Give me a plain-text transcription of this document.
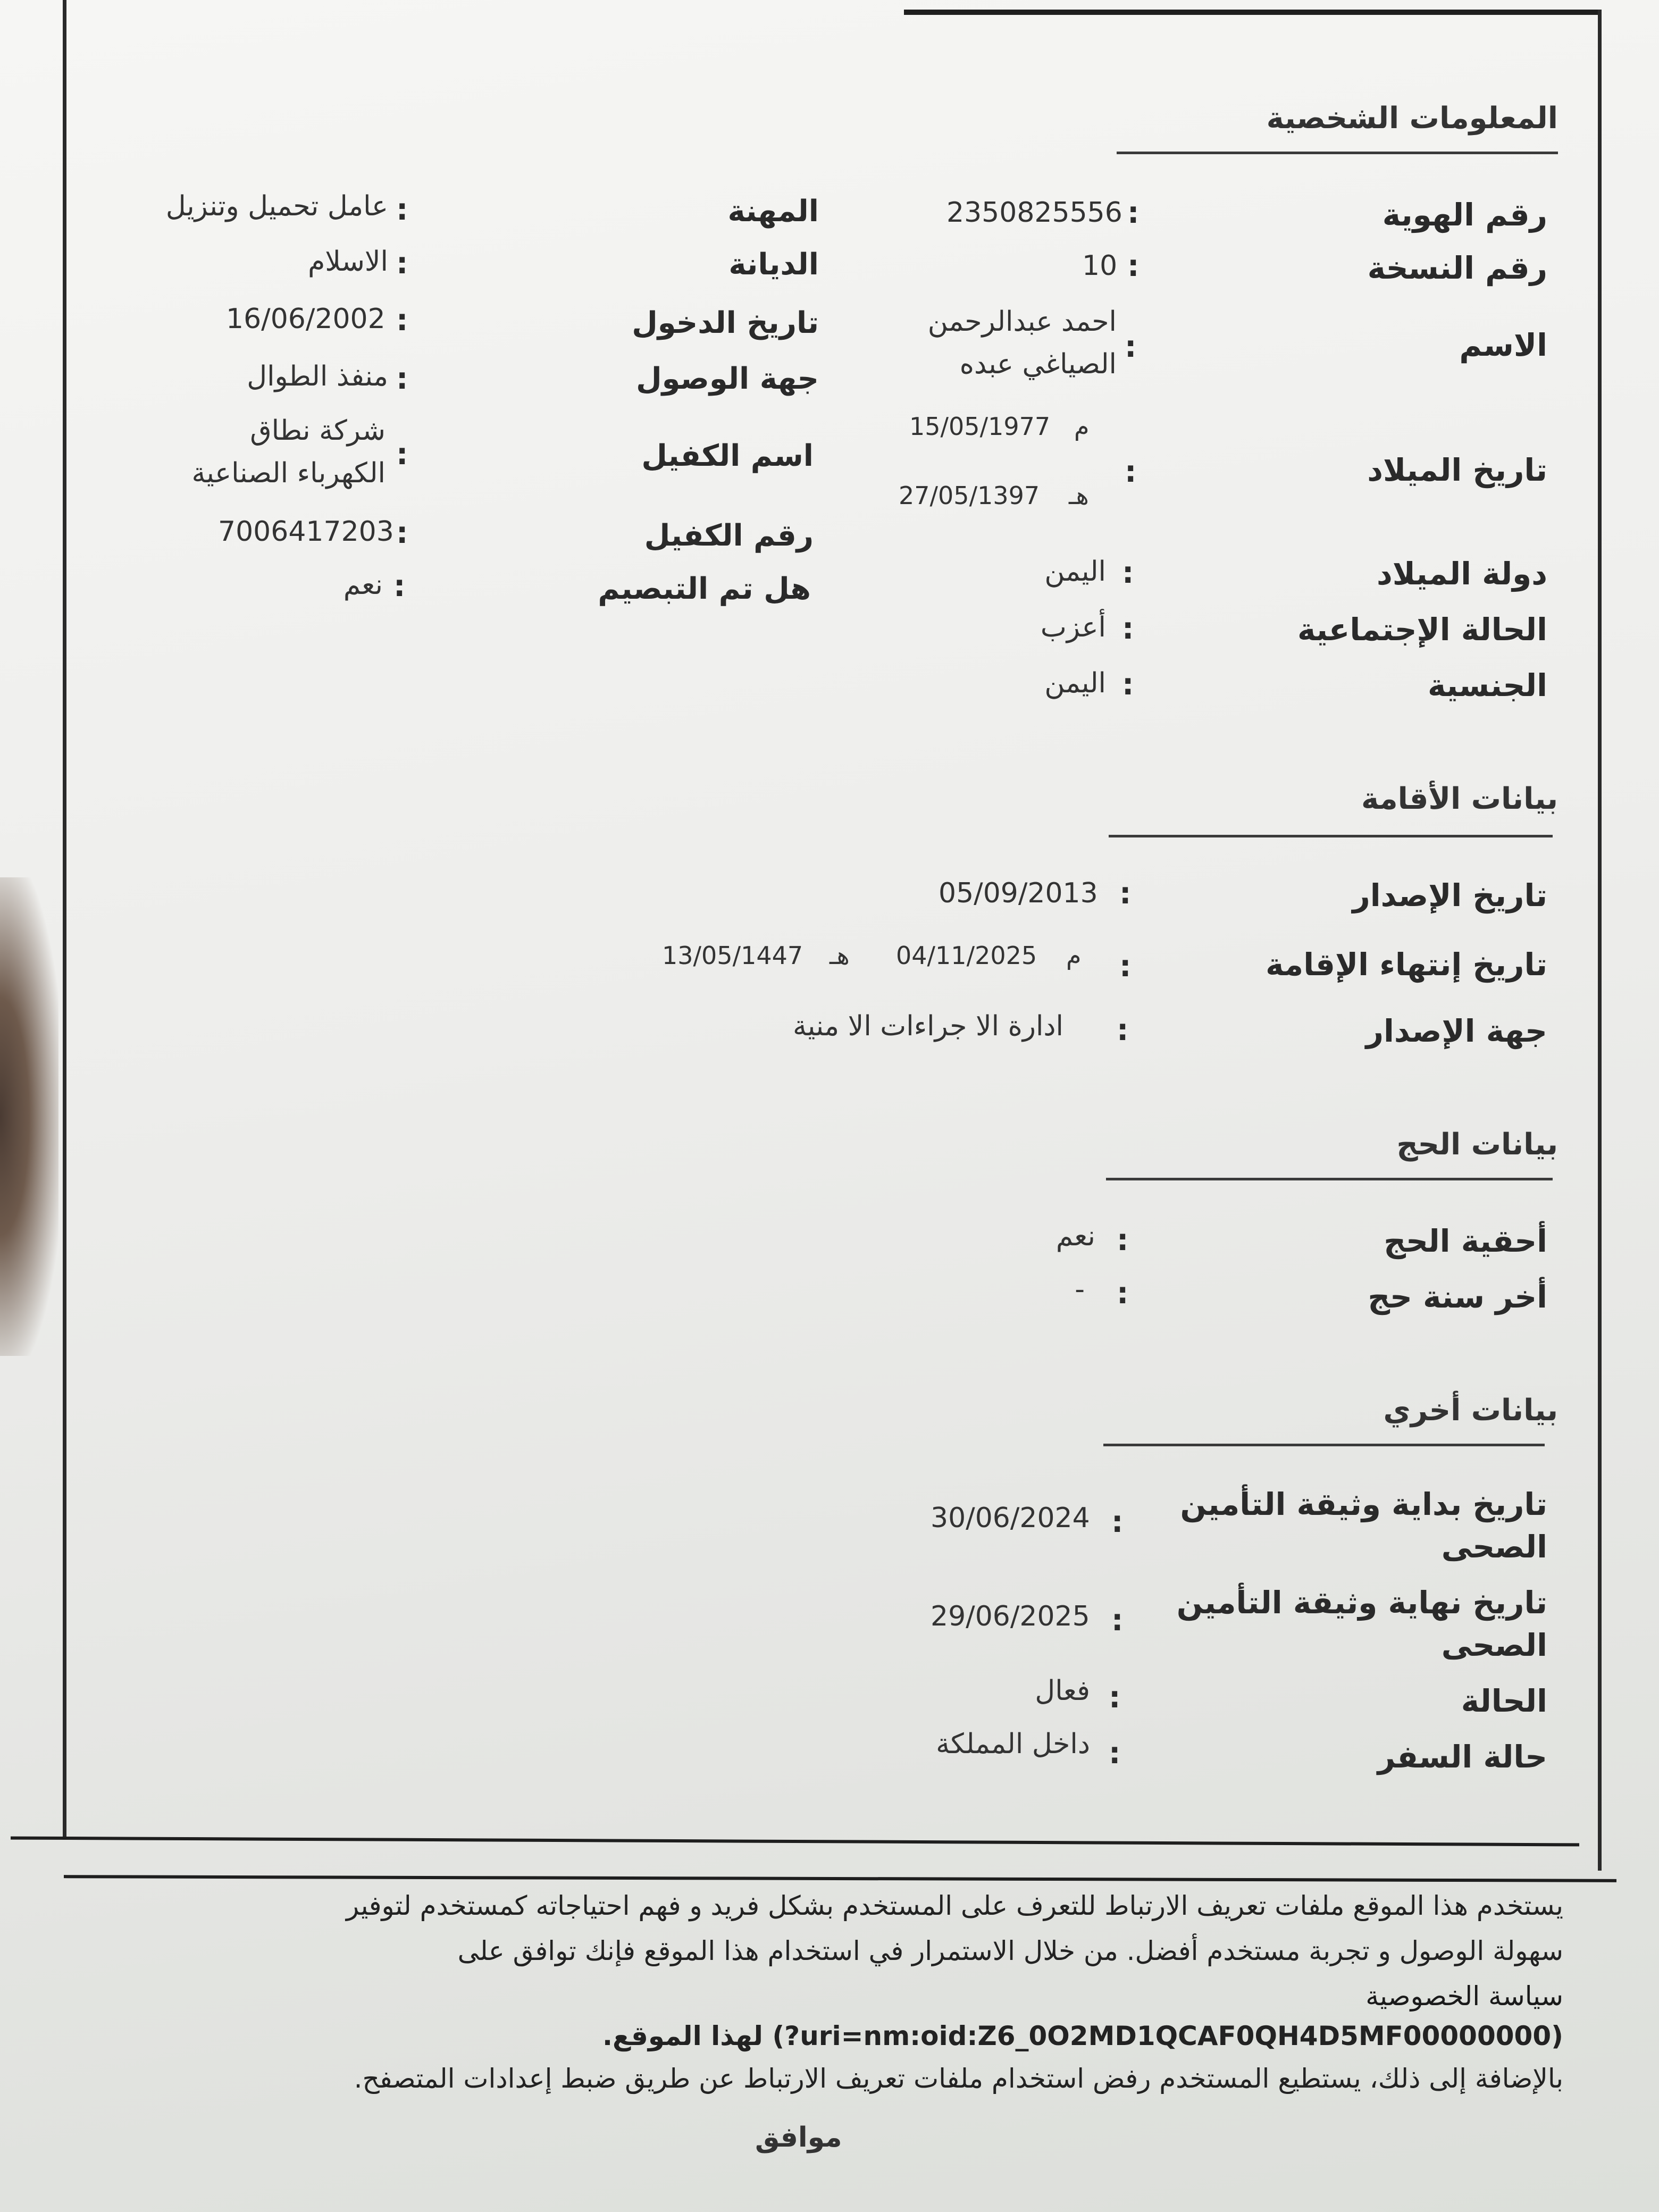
المعلومات الشخصية
رقم الهوية
:
2350825556
رقم النسخة
:
10
الاسم
:
احمد عبدالرحمن
الصياغي عبده
تاريخ الميلاد
:
م
15/05/1977
هـ
27/05/1397
دولة الميلاد
:
اليمن
الحالة الإجتماعية
:
أعزب
الجنسية
:
اليمن
المهنة
:
عامل تحميل وتنزيل
الديانة
:
الاسلام
تاريخ الدخول
:
16/06/2002
جهة الوصول
:
منفذ الطوال
اسم الكفيل
:
شركة نطاق
الكهرباء الصناعية
رقم الكفيل
:
7006417203
هل تم التبصيم
:
نعم
بيانات الأقامة
تاريخ الإصدار
:
05/09/2013
تاريخ إنتهاء الإقامة
:
م
04/11/2025
هـ
13/05/1447
جهة الإصدار
:
ادارة الا جراءات الا منية
بيانات الحج
أحقية الحج
:
نعم
أخر سنة حج
:
-
بيانات أخري
تاريخ بداية وثيقة التأمين
الصحى
:
30/06/2024
تاريخ نهاية وثيقة التأمين
الصحى
:
29/06/2025
الحالة
:
فعال
حالة السفر
:
داخل المملكة
يستخدم هذا الموقع ملفات تعريف الارتباط للتعرف على المستخدم بشكل فريد و فهم احتياجاته كمستخدم لتوفير
سهولة الوصول و تجربة مستخدم أفضل. من خلال الاستمرار في استخدام هذا الموقع فإنك توافق على
سياسة الخصوصية
(uri=nm:oid:Z6_0O2MD1QCAF0QH4D5MF00000000?) لهذا الموقع.
بالإضافة إلى ذلك، يستطيع المستخدم رفض استخدام ملفات تعريف الارتباط عن طريق ضبط إعدادات المتصفح.
موافق
